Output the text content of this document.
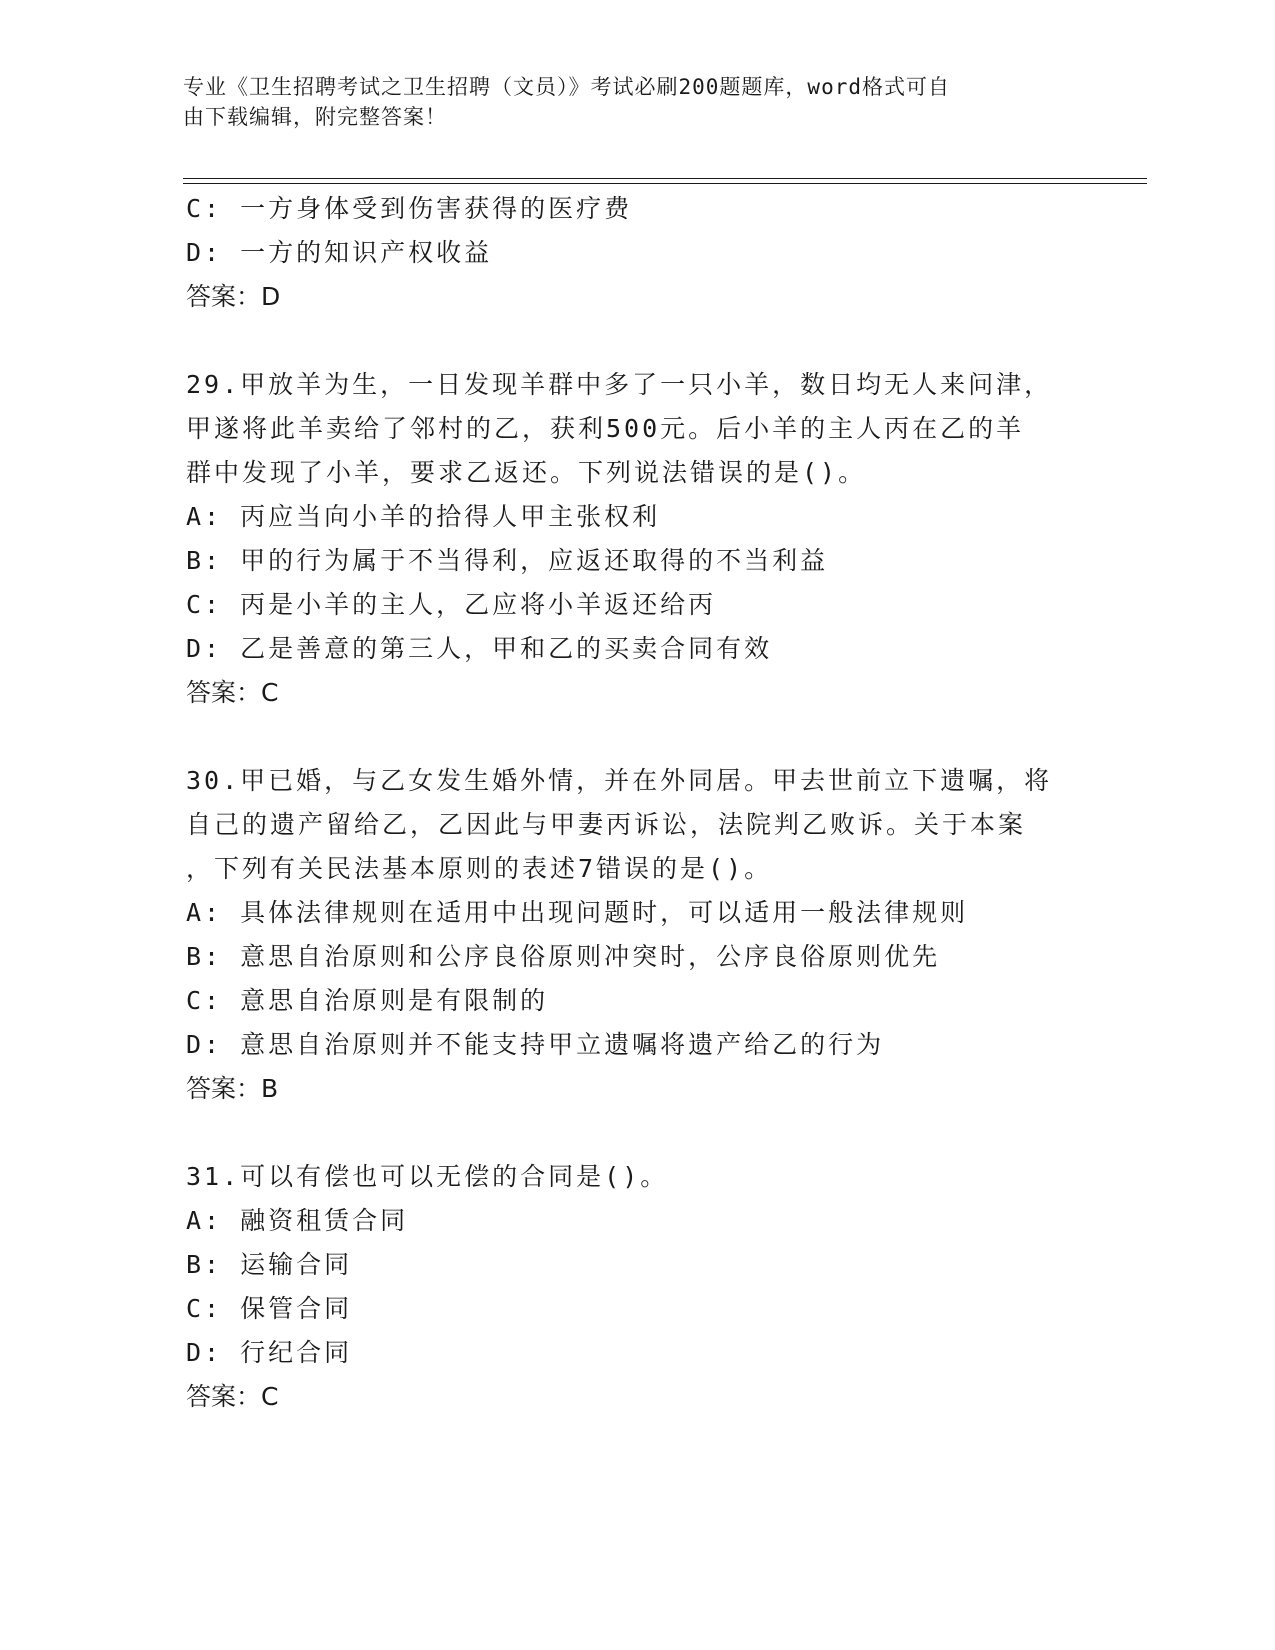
专业《卫生招聘考试之卫生招聘（文员）》考试必刷200题题库，word格式可自
由下载编辑，附完整答案！
C: 一方身体受到伤害获得的医疗费
D: 一方的知识产权收益
答案：D
29.甲放羊为生，一日发现羊群中多了一只小羊，数日均无人来问津，
甲遂将此羊卖给了邻村的乙，获利500元。后小羊的主人丙在乙的羊
群中发现了小羊，要求乙返还。下列说法错误的是()。
A: 丙应当向小羊的拾得人甲主张权利
B: 甲的行为属于不当得利，应返还取得的不当利益
C: 丙是小羊的主人，乙应将小羊返还给丙
D: 乙是善意的第三人，甲和乙的买卖合同有效
答案：C
30.甲已婚，与乙女发生婚外情，并在外同居。甲去世前立下遗嘱，将
自己的遗产留给乙，乙因此与甲妻丙诉讼，法院判乙败诉。关于本案
，下列有关民法基本原则的表述7错误的是()。
A: 具体法律规则在适用中出现问题时，可以适用一般法律规则
B: 意思自治原则和公序良俗原则冲突时，公序良俗原则优先
C: 意思自治原则是有限制的
D: 意思自治原则并不能支持甲立遗嘱将遗产给乙的行为
答案：B
31.可以有偿也可以无偿的合同是()。
A: 融资租赁合同
B: 运输合同
C: 保管合同
D: 行纪合同
答案：C
